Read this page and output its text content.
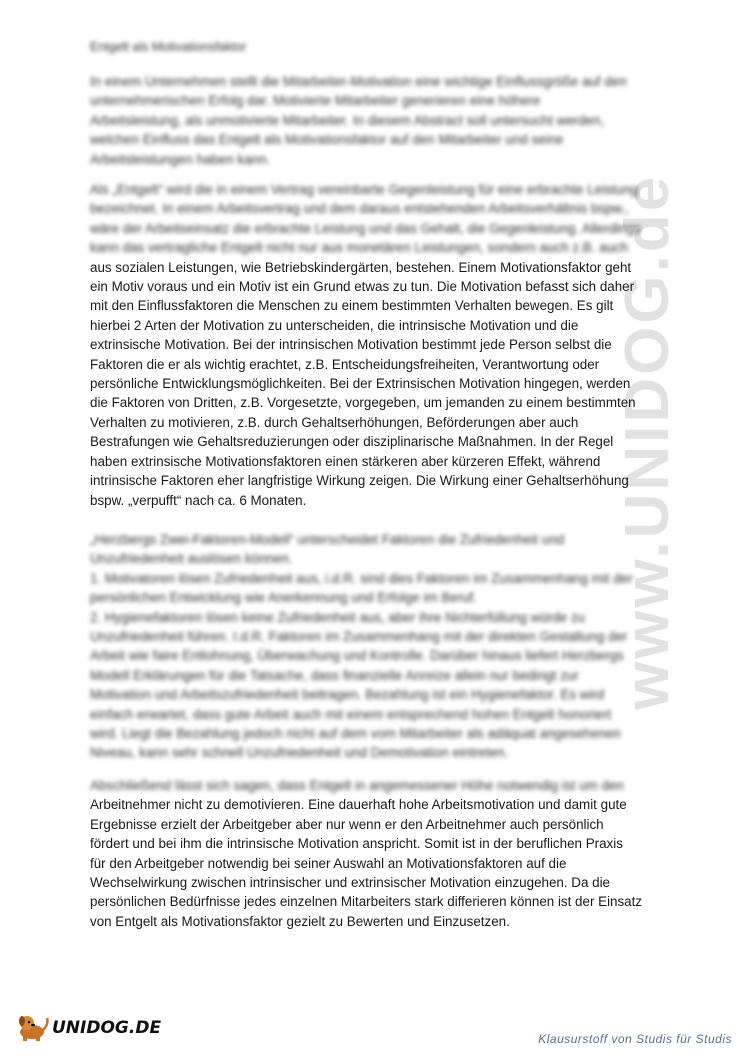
www.UNIDOG.de
Entgelt als Motivationsfaktor
In einem Unternehmen stellt die Mitarbeiter-Motivation eine wichtige Einflussgröße auf den
unternehmerischen Erfolg dar. Motivierte Mitarbeiter generieren eine höhere
Arbeitsleistung, als unmotivierte Mitarbeiter. In diesem Abstract soll untersucht werden,
welchen Einfluss das Entgelt als Motivationsfaktor auf den Mitarbeiter und seine
Arbeitsleistungen haben kann.
Als „Entgelt“ wird die in einem Vertrag vereinbarte Gegenleistung für eine erbrachte Leistung
bezeichnet. In einem Arbeitsvertrag und dem daraus entstehenden Arbeitsverhältnis bspw.,
wäre der Arbeitseinsatz die erbrachte Leistung und das Gehalt, die Gegenleistung. Allerdings
kann das vertragliche Entgelt nicht nur aus monetären Leistungen, sondern auch z.B. auch
aus sozialen Leistungen, wie Betriebskindergärten, bestehen. Einem Motivationsfaktor geht
ein Motiv voraus und ein Motiv ist ein Grund etwas zu tun. Die Motivation befasst sich daher
mit den Einflussfaktoren die Menschen zu einem bestimmten Verhalten bewegen. Es gilt
hierbei 2 Arten der Motivation zu unterscheiden, die intrinsische Motivation und die
extrinsische Motivation. Bei der intrinsischen Motivation bestimmt jede Person selbst die
Faktoren die er als wichtig erachtet, z.B. Entscheidungsfreiheiten, Verantwortung oder
persönliche Entwicklungsmöglichkeiten. Bei der Extrinsischen Motivation hingegen, werden
die Faktoren von Dritten, z.B. Vorgesetzte, vorgegeben, um jemanden zu einem bestimmten
Verhalten zu motivieren, z.B. durch Gehaltserhöhungen, Beförderungen aber auch
Bestrafungen wie Gehaltsreduzierungen oder disziplinarische Maßnahmen. In der Regel
haben extrinsische Motivationsfaktoren einen stärkeren aber kürzeren Effekt, während
intrinsische Faktoren eher langfristige Wirkung zeigen. Die Wirkung einer Gehaltserhöhung
bspw. „verpufft“ nach ca. 6 Monaten.
„Herzbergs Zwei-Faktoren-Modell“ unterscheidet Faktoren die Zufriedenheit und
Unzufriedenheit auslösen können.
1. Motivatoren lösen Zufriedenheit aus, i.d.R. sind dies Faktoren im Zusammenhang mit der
persönlichen Entwicklung wie Anerkennung und Erfolge im Beruf.
2. Hygienefaktoren lösen keine Zufriedenheit aus, aber ihre Nichterfüllung würde zu
Unzufriedenheit führen. I.d.R. Faktoren im Zusammenhang mit der direkten Gestaltung der
Arbeit wie faire Entlohnung, Überwachung und Kontrolle. Darüber hinaus liefert Herzbergs
Modell Erklärungen für die Tatsache, dass finanzielle Anreize allein nur bedingt zur
Motivation und Arbeitszufriedenheit beitragen. Bezahlung ist ein Hygienefaktor. Es wird
einfach erwartet, dass gute Arbeit auch mit einem entsprechend hohen Entgelt honoriert
wird. Liegt die Bezahlung jedoch nicht auf dem vom Mitarbeiter als adäquat angesehenen
Niveau, kann sehr schnell Unzufriedenheit und Demotivation eintreten.
Abschließend lässt sich sagen, dass Entgelt in angemessener Höhe notwendig ist um den
Arbeitnehmer nicht zu demotivieren. Eine dauerhaft hohe Arbeitsmotivation und damit gute
Ergebnisse erzielt der Arbeitgeber aber nur wenn er den Arbeitnehmer auch persönlich
fördert und bei ihm die intrinsische Motivation anspricht. Somit ist in der beruflichen Praxis
für den Arbeitgeber notwendig bei seiner Auswahl an Motivationsfaktoren auf die
Wechselwirkung zwischen intrinsischer und extrinsischer Motivation einzugehen. Da die
persönlichen Bedürfnisse jedes einzelnen Mitarbeiters stark differieren können ist der Einsatz
von Entgelt als Motivationsfaktor gezielt zu Bewerten und Einzusetzen.
UNIDOG.DE
Klausurstoff von Studis für Studis
